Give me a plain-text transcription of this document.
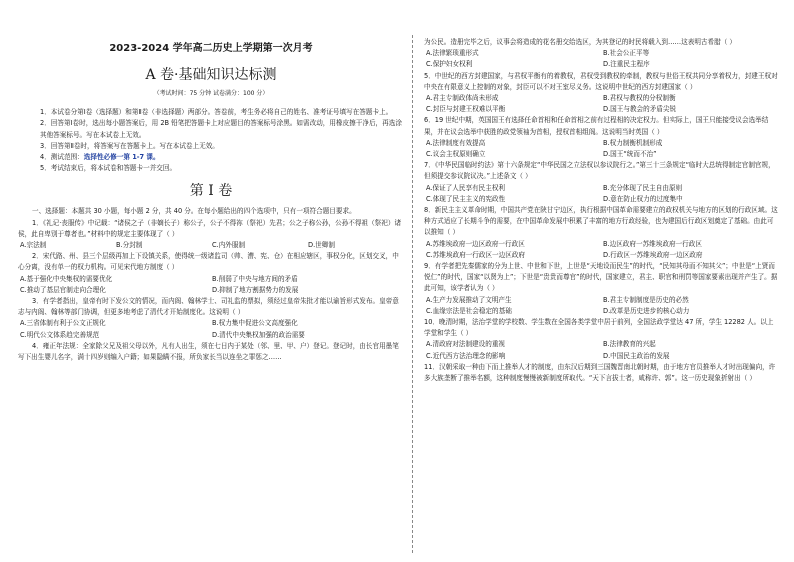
2023-2024 学年高二历史上学期第一次月考
A 卷·基础知识达标测
（考试时间：75 分钟 试卷满分：100 分）

1．本试卷分第Ⅰ卷（选择题）和第Ⅱ卷（非选择题）两部分。答卷前，考生务必将自己的姓名、准考证号填写在答题卡上。

2．回答第Ⅰ卷时，选出每小题答案后，用 2B 铅笔把答题卡上对应题目的答案标号涂黑。如需改动，用橡皮擦干净后，再选涂其他答案标号。写在本试卷上无效。

3．回答第Ⅱ卷时，将答案写在答题卡上。写在本试卷上无效。

4．测试范围：选择性必修一第 1-7 课。

5．考试结束后，将本试卷和答题卡一并交回。

第 Ⅰ 卷

一、选择题：本题共 30 小题，每小题 2 分，共 40 分。在每小题给出的四个选项中，只有一项符合题目要求。

1．《礼记·丧服传》中记载：“诸侯之子（非嫡长子）称公子，公子不得祢（祭祀）先君；公之子称公孙，公孙不得祖（祭祀）诸侯，此自卑别于尊者也。”材料中的规定主要体现了（ ）

A.宗法制	B.分封制	C.内外服制	D.世卿制

2．宋代路、州、县三个层级再加上下设镇关系，使得统一级诸监司（帅、漕、宪、仓）在相应辖区，事权分化，区划交叉，中心分离，没有单一的权力机构。可见宋代地方制度（ ）

A.基于强化中央集权的需要优化	B.削弱了中央与地方间的矛盾
C.推动了基层官制走向合理化	D.抑制了地方割据势力的发展

3．有学者指出，皇帝有时下发公文的情况，而内阁、翰林学士、司礼监的票拟，须经过皇帝朱批才能以谕旨形式发布。皇帝意志与内阁、翰林等部门协调，但更多地考虑了清代才开始制度化。这说明（ ）

A.三省体制有利于公文正规化	B.权力集中促进公文高度强化
C.明代公文体系趋完善规范	D.清代中央集权加强的政治需要

4．雍正年法规：全家除父兄及祖父母以外，凡有人出生，须在七日内于某处（邻、里、甲、户）登记。登记时，由长官用墨笔写下出生婴儿名字，满十四岁则编入户籍；如果隐瞒不报，所负家长当以连坐之罪惩之……

为公民。造册完毕之后，议事会将造成的花名册交给选区，为其登记的时民将载入到……这表明古希腊（ ）

A.法律繁琐重形式	B.社会公正平等
C.保护妇女权利	D.注重民主程序

5．中世纪的西方封建国家，与君权平衡有的着教权，君权受到教权的牵制，教权与世俗王权共同分享着权力，封建王权对中央在有限意义上控制的对象，封臣可以不对王室尽义务。这说明中世纪的西方封建国家（ ）

A.君主专制政体尚未形成	B.君权与教权的分权制衡
C.封臣与封建王权难以平衡	D.国王与教会的矛盾尖锐

6．19 世纪中期，英国国王有选择任命首相和任命首相之前有过程相的决定权力。但实际上，国王只能接受议会选举结果，并在议会选举中获胜的政党领袖为首相，授权首相组阁。这说明当时英国（ ）

A.法律制度有效提高	B.权力制衡机制形成
C.议会主权原则确立	D.国王“统而不治”

7．《中华民国临时约法》第十六条规定“中华民国之立法权以参议院行之。”第三十三条规定“临时大总统得制定官制官规，但须提交参议院议决。”上述条文（ ）

A.保证了人民享有民主权利	B.充分体现了民主自由原则
C.体现了民主主义的宪政性	D.意在防止权力的过度集中

8．新民主主义革命时期，中国共产党在陕甘宁边区，执行根据中国革命需要建立的政权机关与地方的区划的行政区域。这种方式适应了长期斗争的需要，在中国革命发展中积累了丰富的地方行政经验，也为建国后行政区划奠定了基础。由此可以推知（ ）

A.苏维埃政府一边区政府一行政区	B.边区政府一苏维埃政府一行政区
C.苏维埃政府一行政区一边区政府	D.行政区一苏维埃政府一边区政府

9．有学者把先秦儒家的分为上世、中世和下世，上世是“天地设而民生”的时代，“民知其母而不知其父”；中世是“上贤而悦仁”的时代，国家“以贤为上”；下世是“贵贵而尊官”的时代，国家建立，君主、职官和刑罚等国家要素出现并产生了。据此可知，该学者认为（ ）

A.生产力发展推动了文明产生	B.君主专制制度是历史的必然
C.血缘宗法是社会稳定的基础	D.改革是历史进步的核心动力

10．晚清时期，法治学堂的学校数、学生数在全国各类学堂中居于前列，全国法政学堂达 47 所，学生 12282 人。以上学堂和学生（ ）

A.清政府对法制建设的重视	B.法律教育的兴起
C.近代西方法治理念的影响	D.中国民主政治的发展

11．汉朝采取一种由下而上推举人才的制度，由东汉后期到三国魏晋南北朝时期，由于地方官员推举人才时出现偏向，许多大族垄断了推举名额，这种制度慢慢被新制度所取代。“天下言拔士者，咸称许、郭”。这一历史现象折射出（ ）
